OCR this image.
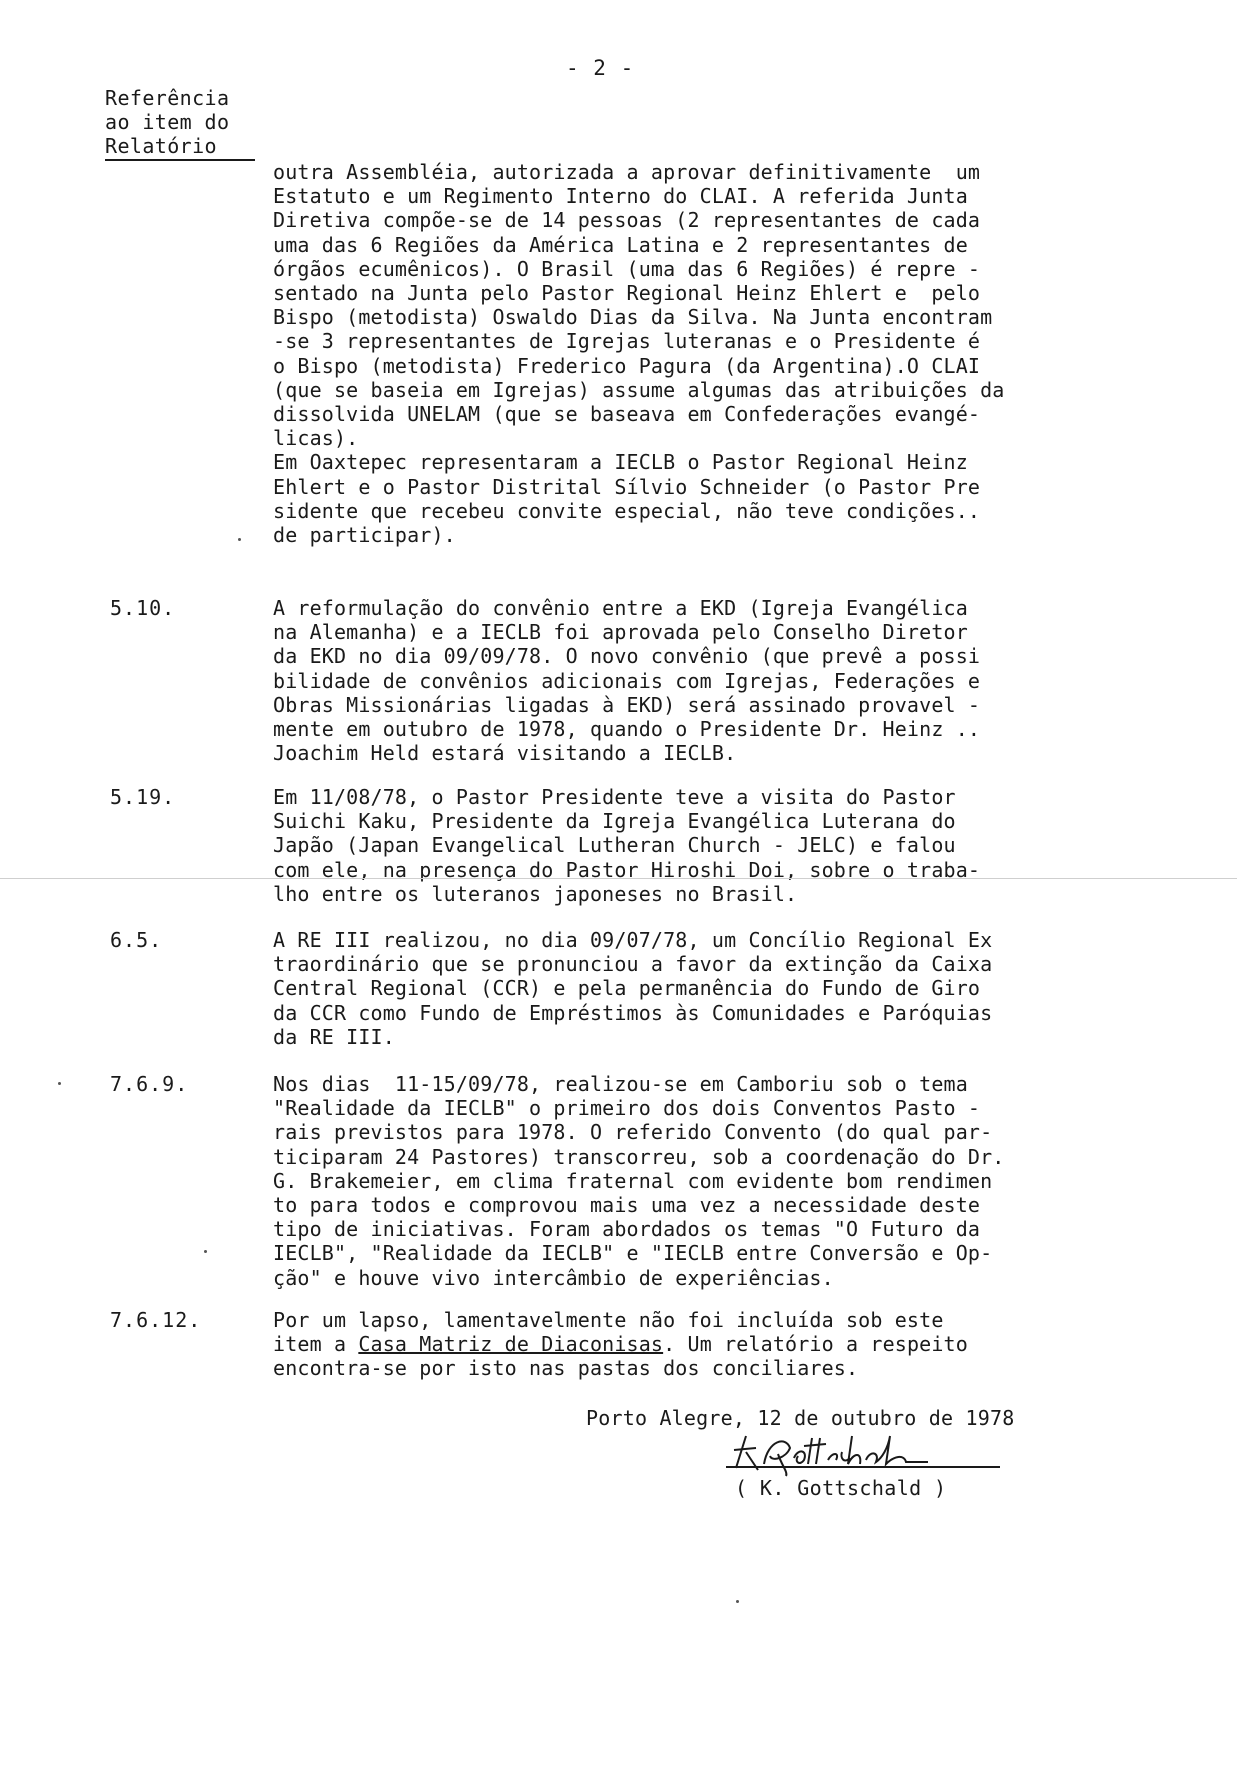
- 2 -
Referência
ao item do
Relatório
outra Assembléia, autorizada a aprovar definitivamente  um
Estatuto e um Regimento Interno do CLAI. A referida Junta
Diretiva compõe-se de 14 pessoas (2 representantes de cada
uma das 6 Regiões da América Latina e 2 representantes de
órgãos ecumênicos). O Brasil (uma das 6 Regiões) é repre -
sentado na Junta pelo Pastor Regional Heinz Ehlert e  pelo
Bispo (metodista) Oswaldo Dias da Silva. Na Junta encontram
-se 3 representantes de Igrejas luteranas e o Presidente é
o Bispo (metodista) Frederico Pagura (da Argentina).O CLAI
(que se baseia em Igrejas) assume algumas das atribuições da
dissolvida UNELAM (que se baseava em Confederações evangé-
licas).
Em Oaxtepec representaram a IECLB o Pastor Regional Heinz
Ehlert e o Pastor Distrital Sílvio Schneider (o Pastor Pre
sidente que recebeu convite especial, não teve condições..
de participar).
5.10.	A reformulação do convênio entre a EKD (Igreja Evangélica
na Alemanha) e a IECLB foi aprovada pelo Conselho Diretor
da EKD no dia 09/09/78. O novo convênio (que prevê a possi
bilidade de convênios adicionais com Igrejas, Federações e
Obras Missionárias ligadas à EKD) será assinado provavel -
mente em outubro de 1978, quando o Presidente Dr. Heinz ..
Joachim Held estará visitando a IECLB.
5.19.	Em 11/08/78, o Pastor Presidente teve a visita do Pastor
Suichi Kaku, Presidente da Igreja Evangélica Luterana do
Japão (Japan Evangelical Lutheran Church - JELC) e falou
com ele, na presença do Pastor Hiroshi Doi, sobre o traba-
lho entre os luteranos japoneses no Brasil.
6.5.	A RE III realizou, no dia 09/07/78, um Concílio Regional Ex
traordinário que se pronunciou a favor da extinção da Caixa
Central Regional (CCR) e pela permanência do Fundo de Giro
da CCR como Fundo de Empréstimos às Comunidades e Paróquias
da RE III.
7.6.9.	Nos dias  11-15/09/78, realizou-se em Camboriu sob o tema
"Realidade da IECLB" o primeiro dos dois Conventos Pasto -
rais previstos para 1978. O referido Convento (do qual par-
ticiparam 24 Pastores) transcorreu, sob a coordenação do Dr.
G. Brakemeier, em clima fraternal com evidente bom rendimen
to para todos e comprovou mais uma vez a necessidade deste
tipo de iniciativas. Foram abordados os temas "O Futuro da
IECLB", "Realidade da IECLB" e "IECLB entre Conversão e Op-
ção" e houve vivo intercâmbio de experiências.
7.6.12.	Por um lapso, lamentavelmente não foi incluída sob este
item a Casa Matriz de Diaconisas. Um relatório a respeito
encontra-se por isto nas pastas dos conciliares.
Porto Alegre, 12 de outubro de 1978
( K. Gottschald )
